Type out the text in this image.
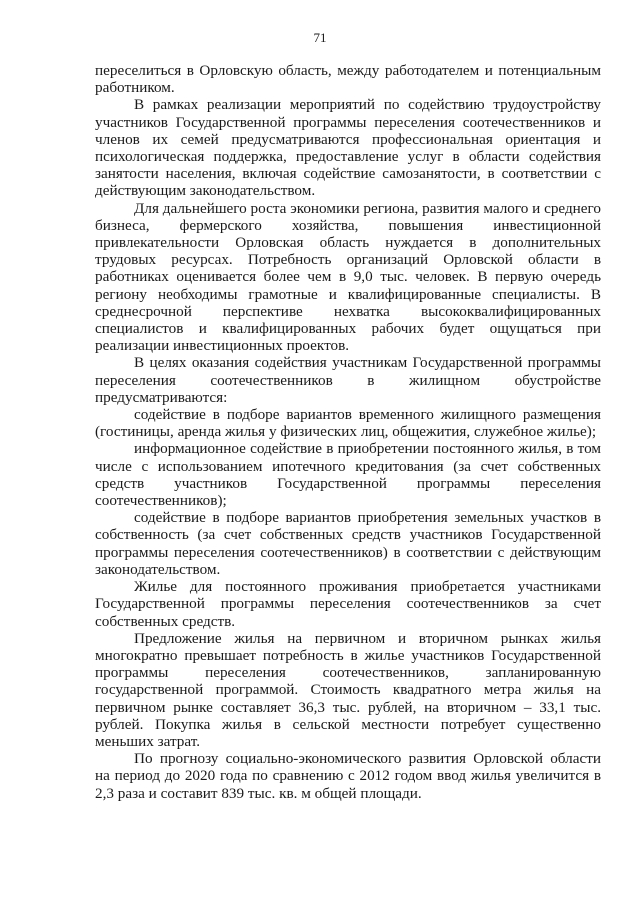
71

переселиться в Орловскую область, между работодателем и потенциальным работником.

В рамках реализации мероприятий по содействию трудоустройству участников Государственной программы переселения соотечественников и членов их семей предусматриваются профессиональная ориентация и психологическая поддержка, предоставление услуг в области содействия занятости населения, включая содействие самозанятости, в соответствии с действующим законодательством.

Для дальнейшего роста экономики региона, развития малого и среднего бизнеса, фермерского хозяйства, повышения инвестиционной привлекательности Орловская область нуждается в дополнительных трудовых ресурсах. Потребность организаций Орловской области в работниках оценивается более чем в 9,0 тыс. человек. В первую очередь региону необходимы грамотные и квалифицированные специалисты. В среднесрочной перспективе нехватка высококвалифицированных специалистов и квалифицированных рабочих будет ощущаться при реализации инвестиционных проектов.

В целях оказания содействия участникам Государственной программы переселения соотечественников в жилищном обустройстве предусматриваются:

содействие в подборе вариантов временного жилищного размещения (гостиницы, аренда жилья у физических лиц, общежития, служебное жилье);

информационное содействие в приобретении постоянного жилья, в том числе с использованием ипотечного кредитования (за счет собственных средств участников Государственной программы переселения соотечественников);

содействие в подборе вариантов приобретения земельных участков в собственность (за счет собственных средств участников Государственной программы переселения соотечественников) в соответствии с действующим законодательством.

Жилье для постоянного проживания приобретается участниками Государственной программы переселения соотечественников за счет собственных средств.

Предложение жилья на первичном и вторичном рынках жилья многократно превышает потребность в жилье участников Государственной программы переселения соотечественников, запланированную государственной программой. Стоимость квадратного метра жилья на первичном рынке составляет 36,3 тыс. рублей, на вторичном – 33,1 тыс. рублей. Покупка жилья в сельской местности потребует существенно меньших затрат.

По прогнозу социально-экономического развития Орловской области на период до 2020 года по сравнению с 2012 годом ввод жилья увеличится в 2,3 раза и составит 839 тыс. кв. м общей площади.
